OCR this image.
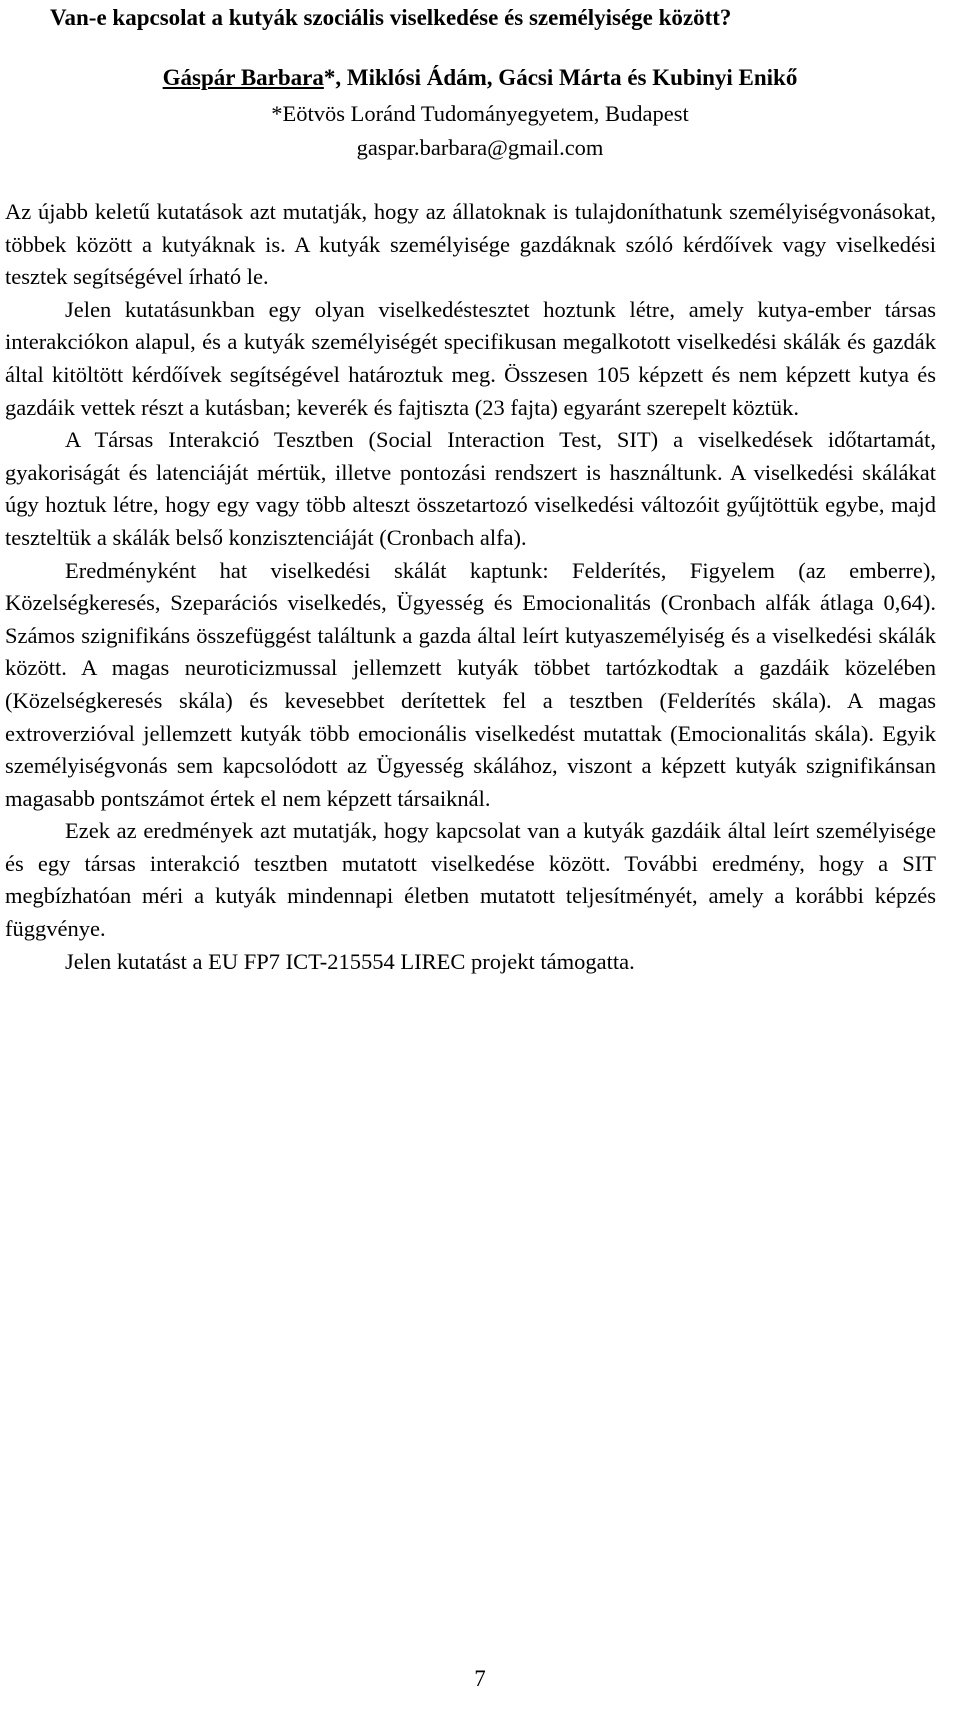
Van-e kapcsolat a kutyák szociális viselkedése és személyisége között?

Gáspár Barbara*, Miklósi Ádám, Gácsi Márta és Kubinyi Enikő

*Eötvös Loránd Tudományegyetem, Budapest

gaspar.barbara@gmail.com

Az újabb keletű kutatások azt mutatják, hogy az állatoknak is tulajdoníthatunk személyiségvonásokat, többek között a kutyáknak is. A kutyák személyisége gazdáknak szóló kérdőívek vagy viselkedési tesztek segítségével írható le.

Jelen kutatásunkban egy olyan viselkedéstesztet hoztunk létre, amely kutya-ember társas interakciókon alapul, és a kutyák személyiségét specifikusan megalkotott viselkedési skálák és gazdák által kitöltött kérdőívek segítségével határoztuk meg. Összesen 105 képzett és nem képzett kutya és gazdáik vettek részt a kutásban; keverék és fajtiszta (23 fajta) egyaránt szerepelt köztük.

A Társas Interakció Tesztben (Social Interaction Test, SIT) a viselkedések időtartamát, gyakoriságát és latenciáját mértük, illetve pontozási rendszert is használtunk. A viselkedési skálákat úgy hoztuk létre, hogy egy vagy több alteszt összetartozó viselkedési változóit gyűjtöttük egybe, majd teszteltük a skálák belső konzisztenciáját (Cronbach alfa).

Eredményként hat viselkedési skálát kaptunk: Felderítés, Figyelem (az emberre), Közelségkeresés, Szeparációs viselkedés, Ügyesség és Emocionalitás (Cronbach alfák átlaga 0,64). Számos szignifikáns összefüggést találtunk a gazda által leírt kutyaszemélyiség és a viselkedési skálák között. A magas neuroticizmussal jellemzett kutyák többet tartózkodtak a gazdáik közelében (Közelségkeresés skála) és kevesebbet derítettek fel a tesztben (Felderítés skála). A magas extroverzióval jellemzett kutyák több emocionális viselkedést mutattak (Emocionalitás skála). Egyik személyiségvonás sem kapcsolódott az Ügyesség skálához, viszont a képzett kutyák szignifikánsan magasabb pontszámot értek el nem képzett társaiknál.

Ezek az eredmények azt mutatják, hogy kapcsolat van a kutyák gazdáik által leírt személyisége és egy társas interakció tesztben mutatott viselkedése között. További eredmény, hogy a SIT megbízhatóan méri a kutyák mindennapi életben mutatott teljesítményét, amely a korábbi képzés függvénye.

Jelen kutatást a EU FP7 ICT-215554 LIREC projekt támogatta.

7
